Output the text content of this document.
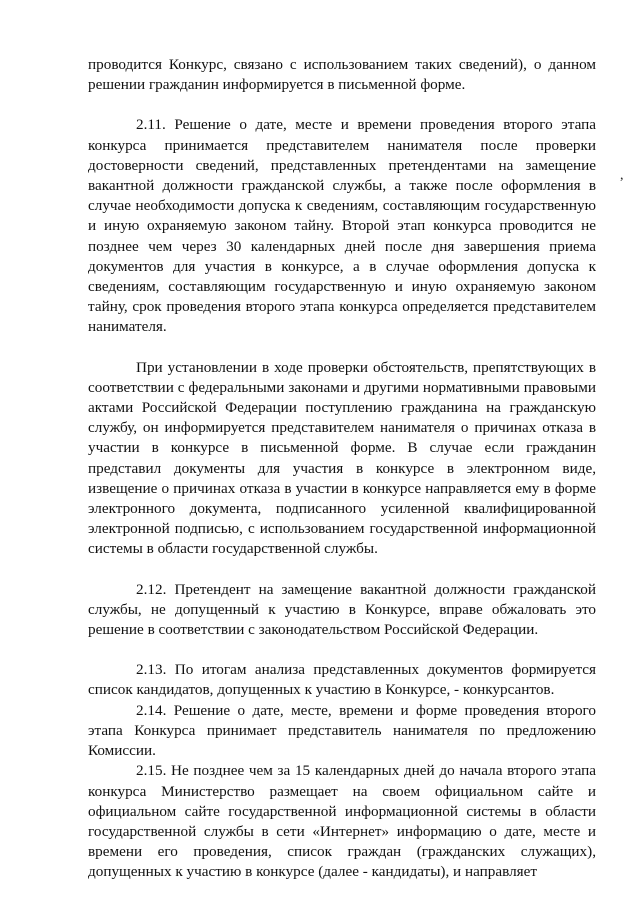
проводится Конкурс, связано с использованием таких сведений), о данном решении гражданин информируется в письменной форме.

2.11. Решение о дате, месте и времени проведения второго этапа конкурса принимается представителем нанимателя после проверки достоверности сведений, представленных претендентами на замещение вакантной должности гражданской службы, а также после оформления в случае необходимости допуска к сведениям, составляющим государственную и иную охраняемую законом тайну. Второй этап конкурса проводится не позднее чем через 30 календарных дней после дня завершения приема документов для участия в конкурсе, а в случае оформления допуска к сведениям, составляющим государственную и иную охраняемую законом тайну, срок проведения второго этапа конкурса определяется представителем нанимателя.

При установлении в ходе проверки обстоятельств, препятствующих в соответствии с федеральными законами и другими нормативными правовыми актами Российской Федерации поступлению гражданина на гражданскую службу, он информируется представителем нанимателя о причинах отказа в участии в конкурсе в письменной форме. В случае если гражданин представил документы для участия в конкурсе в электронном виде, извещение о причинах отказа в участии в конкурсе направляется ему в форме электронного документа, подписанного усиленной квалифицированной электронной подписью, с использованием государственной информационной системы в области государственной службы.

2.12. Претендент на замещение вакантной должности гражданской службы, не допущенный к участию в Конкурсе, вправе обжаловать это решение в соответствии с законодательством Российской Федерации.

2.13. По итогам анализа представленных документов формируется список кандидатов, допущенных к участию в Конкурсе, - конкурсантов.

2.14. Решение о дате, месте, времени и форме проведения второго этапа Конкурса принимает представитель нанимателя по предложению Комиссии.

2.15. Не позднее чем за 15 календарных дней до начала второго этапа конкурса Министерство размещает на своем официальном сайте и официальном сайте государственной информационной системы в области государственной службы в сети «Интернет» информацию о дате, месте и времени его проведения, список граждан (гражданских служащих), допущенных к участию в конкурсе (далее - кандидаты), и направляет

,
